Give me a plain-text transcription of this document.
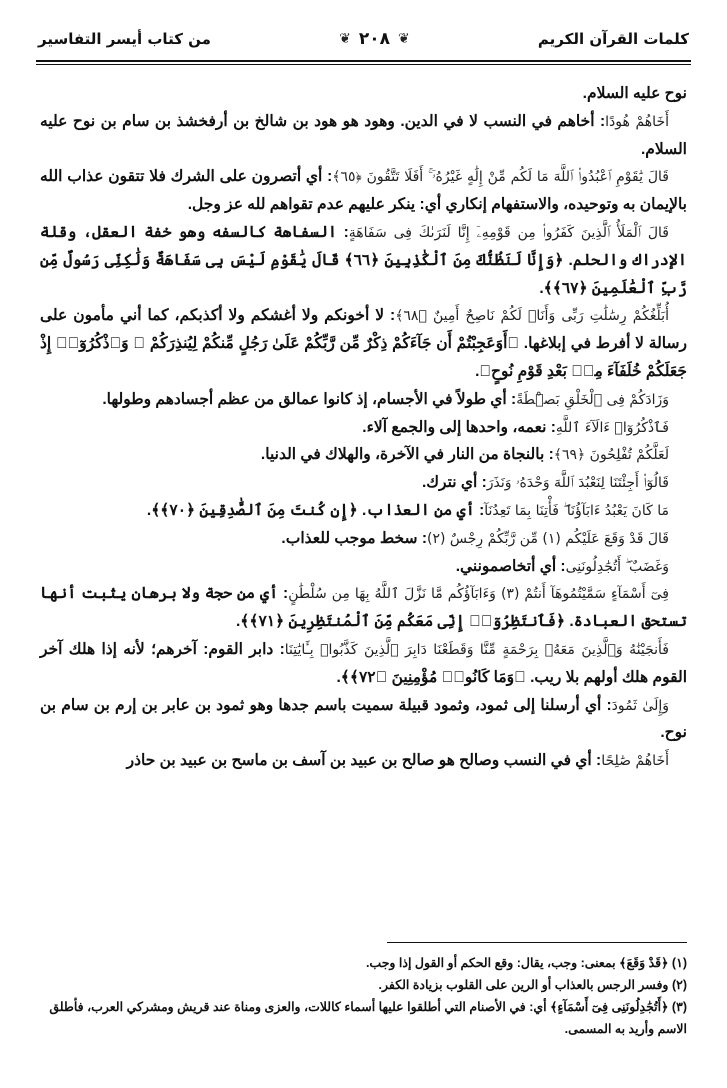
كلمات القرآن الكريم
❦
٢٠٨
❦
من كتاب أيسر التفاسير

نوح عليه السلام.

أَخَاهُمْ هُودًا: أخاهم في النسب لا في الدين. وهود هو هود بن شالخ بن أرفخشذ بن سام بن نوح عليه السلام.

قَالَ يَٰقَوْمِ ٱعْبُدُوا۟ ٱللَّهَ مَا لَكُم مِّنْ إِلَٰهٍ غَيْرُهُۥٓ ۚ أَفَلَا تَتَّقُونَ ﴿٦٥﴾: أي أتصرون على الشرك فلا تتقون عذاب الله بالإيمان به وتوحيده، والاستفهام إنكاري أي: ينكر عليهم عدم تقواهم لله عز وجل.

قَالَ ٱلْمَلَأُ ٱلَّذِينَ كَفَرُوا۟ مِن قَوْمِهِۦٓ إِنَّا لَنَرَىٰكَ فِى سَفَاهَةٍ: السفاهة كالسفه وهو خفة العقل، وقلة الإدراك والحلم. ﴿وَإِنَّا لَنَظُنُّكَ مِنَ ٱلْكَٰذِبِينَ ﴿٦٦﴾ قَالَ يَٰقَوْمِ لَيْسَ بِى سَفَاهَةٌ وَلَٰكِنِّى رَسُولٌ مِّن رَّبِّ ٱلْعَٰلَمِينَ ﴿٦٧﴾﴾.

أُبَلِّغُكُمْ رِسَٰلَٰتِ رَبِّى وَأَنَا۠ لَكُمْ نَاصِحٌ أَمِينٌ ﴿٦٨﴾: لا أخونكم ولا أغشكم ولا أكذبكم، كما أني مأمون على رسالة لا أفرط في إبلاغها. ﴿أَوَعَجِبْتُمْ أَن جَآءَكُمْ ذِكْرٌ مِّن رَّبِّكُمْ عَلَىٰ رَجُلٍ مِّنكُمْ لِيُنذِرَكُمْ ۚ وَٱذْكُرُوٓا۟ إِذْ جَعَلَكُمْ خُلَفَآءَ مِنۢ بَعْدِ قَوْمِ نُوحٍ﴾.

وَزَادَكُمْ فِى ٱلْخَلْقِ بَصْۜطَةً: أي طولاً في الأجسام، إذ كانوا عمالق من عظم أجسادهم وطولها.

فَٱذْكُرُوٓا۟ ءَالَآءَ ٱللَّهِ: نعمه، واحدها إلى والجمع آلاء.

لَعَلَّكُمْ تُفْلِحُونَ ﴿٦٩﴾: بالنجاة من النار في الآخرة، والهلاك في الدنيا.

قَالُوٓا۟ أَجِئْتَنَا لِنَعْبُدَ ٱللَّهَ وَحْدَهُۥ وَنَذَرَ: أي نترك.

مَا كَانَ يَعْبُدُ ءَابَآؤُنَا ۖ فَأْتِنَا بِمَا تَعِدُنَآ: أي من العذاب. ﴿إِن كُنتَ مِنَ ٱلصَّٰدِقِينَ ﴿٧٠﴾﴾.

قَالَ قَدْ وَقَعَ عَلَيْكُم (١) مِّن رَّبِّكُمْ رِجْسٌ (٢): سخط موجب للعذاب.

وَغَضَبٌ ۖ أَتُجَٰدِلُونَنِى: أي أتخاصمونني.

فِىٓ أَسْمَآءٍ سَمَّيْتُمُوهَآ أَنتُمْ (٣) وَءَابَآؤُكُم مَّا نَزَّلَ ٱللَّهُ بِهَا مِن سُلْطَٰنٍ: أي من حجة ولا برهان يثبت أنها تستحق العبادة. ﴿فَٱنتَظِرُوٓا۟ إِنِّى مَعَكُم مِّنَ ٱلْمُنتَظِرِينَ ﴿٧١﴾﴾.

فَأَنجَيْنَٰهُ وَٱلَّذِينَ مَعَهُۥ بِرَحْمَةٍ مِّنَّا وَقَطَعْنَا دَابِرَ ٱلَّذِينَ كَذَّبُوا۟ بِـَٔايَٰتِنَا: دابر القوم: آخرهم؛ لأنه إذا هلك آخر القوم هلك أولهم بلا ريب. ﴿وَمَا كَانُوا۟ مُؤْمِنِينَ ﴿٧٢﴾﴾.

وَإِلَىٰ ثَمُودَ: أي أرسلنا إلى ثمود، وثمود قبيلة سميت باسم جدها وهو ثمود بن عابر بن إرم بن سام بن نوح.

أَخَاهُمْ صَٰلِحًا: أي في النسب وصالح هو صالح بن عبيد بن آسف بن ماسح بن عبيد بن حاذر

(١) ﴿قَدْ وَقَعَ﴾ بمعنى: وجب، يقال: وقع الحكم أو القول إذا وجب.

(٢) وفسر الرجس بالعذاب أو الرين على القلوب بزيادة الكفر.

(٣) ﴿أَتُجَٰدِلُونَنِى فِىٓ أَسْمَآءٍ﴾ أي: في الأصنام التي أطلقوا عليها أسماء كاللات، والعزى ومناة عند قريش ومشركي العرب، فأطلق الاسم وأريد به المسمى.
